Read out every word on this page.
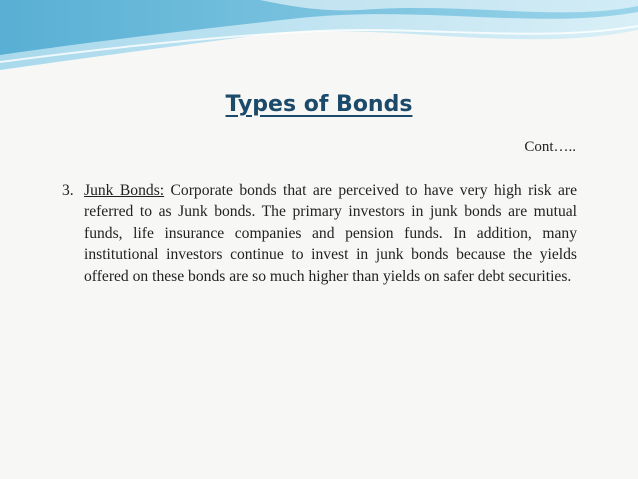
Types of Bonds
Cont…..
3. Junk Bonds: Corporate bonds that are perceived to have very high risk are referred to as Junk bonds. The primary investors in junk bonds are mutual funds, life insurance companies and pension funds. In addition, many institutional investors continue to invest in junk bonds because the yields offered on these bonds are so much higher than yields on safer debt securities.
